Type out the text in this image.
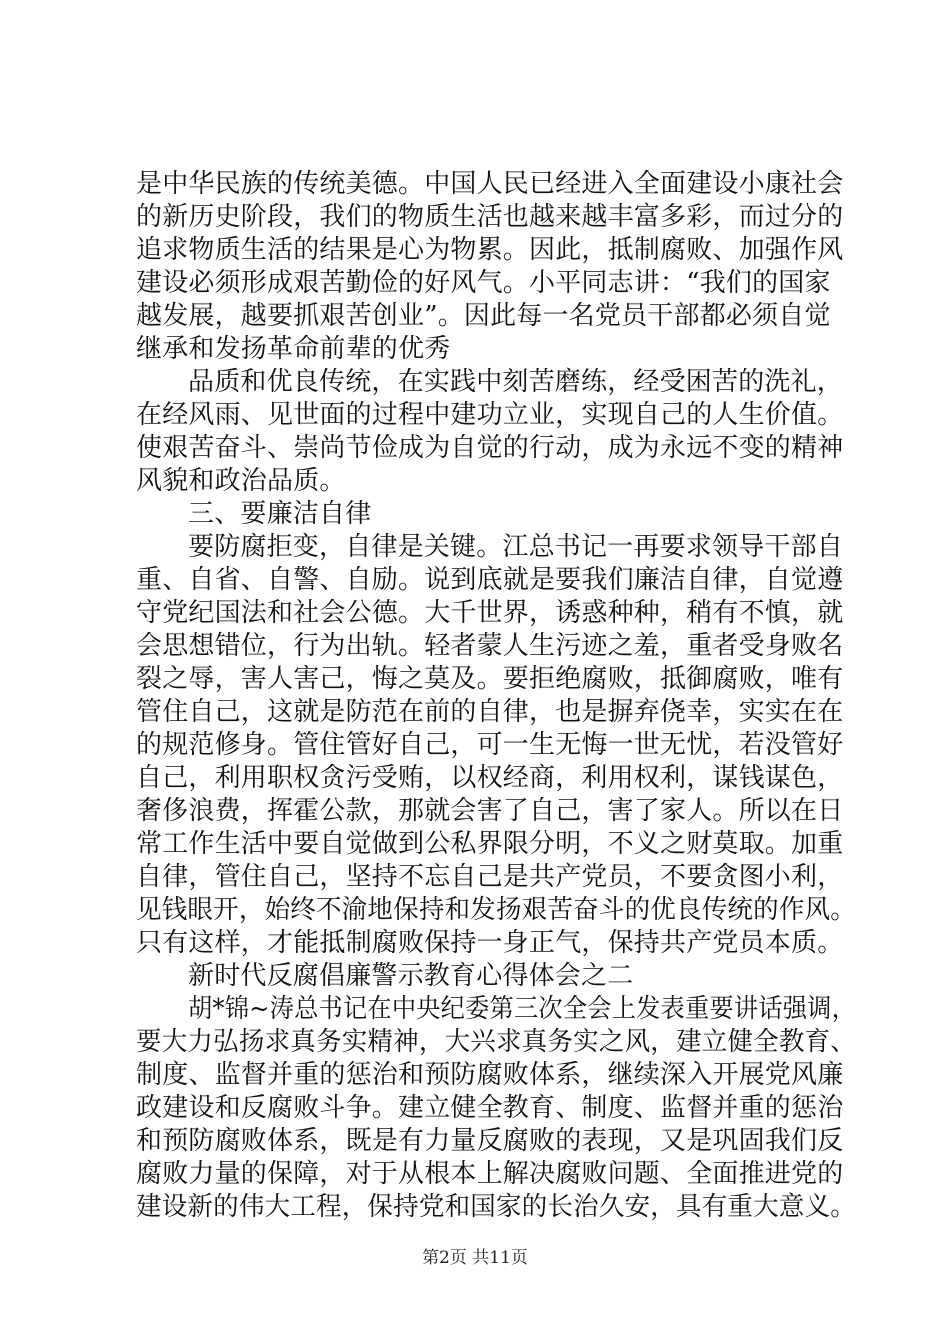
是中华民族的传统美德。中国人民已经进入全面建设小康社会
的新历史阶段，我们的物质生活也越来越丰富多彩，而过分的
追求物质生活的结果是心为物累。因此，抵制腐败、加强作风
建设必须形成艰苦勤俭的好风气。小平同志讲：“我们的国家
越发展，越要抓艰苦创业”。因此每一名党员干部都必须自觉
继承和发扬革命前辈的优秀
品质和优良传统，在实践中刻苦磨练，经受困苦的洗礼，
在经风雨、见世面的过程中建功立业，实现自己的人生价值。
使艰苦奋斗、崇尚节俭成为自觉的行动，成为永远不变的精神
风貌和政治品质。
三、要廉洁自律
要防腐拒变，自律是关键。江总书记一再要求领导干部自
重、自省、自警、自励。说到底就是要我们廉洁自律，自觉遵
守党纪国法和社会公德。大千世界，诱惑种种，稍有不慎，就
会思想错位，行为出轨。轻者蒙人生污迹之羞，重者受身败名
裂之辱，害人害己，悔之莫及。要拒绝腐败，抵御腐败，唯有
管住自己，这就是防范在前的自律，也是摒弃侥幸，实实在在
的规范修身。管住管好自己，可一生无悔一世无忧，若没管好
自己，利用职权贪污受贿，以权经商，利用权利，谋钱谋色，
奢侈浪费，挥霍公款，那就会害了自己，害了家人。所以在日
常工作生活中要自觉做到公私界限分明，不义之财莫取。加重
自律，管住自己，坚持不忘自己是共产党员，不要贪图小利，
见钱眼开，始终不渝地保持和发扬艰苦奋斗的优良传统的作风。
只有这样，才能抵制腐败保持一身正气，保持共产党员本质。
新时代反腐倡廉警示教育心得体会之二
胡*锦~涛总书记在中央纪委第三次全会上发表重要讲话强调，
要大力弘扬求真务实精神，大兴求真务实之风，建立健全教育、
制度、监督并重的惩治和预防腐败体系，继续深入开展党风廉
政建设和反腐败斗争。建立健全教育、制度、监督并重的惩治
和预防腐败体系，既是有力量反腐败的表现，又是巩固我们反
腐败力量的保障，对于从根本上解决腐败问题、全面推进党的
建设新的伟大工程，保持党和国家的长治久安，具有重大意义。
第2页 共11页
